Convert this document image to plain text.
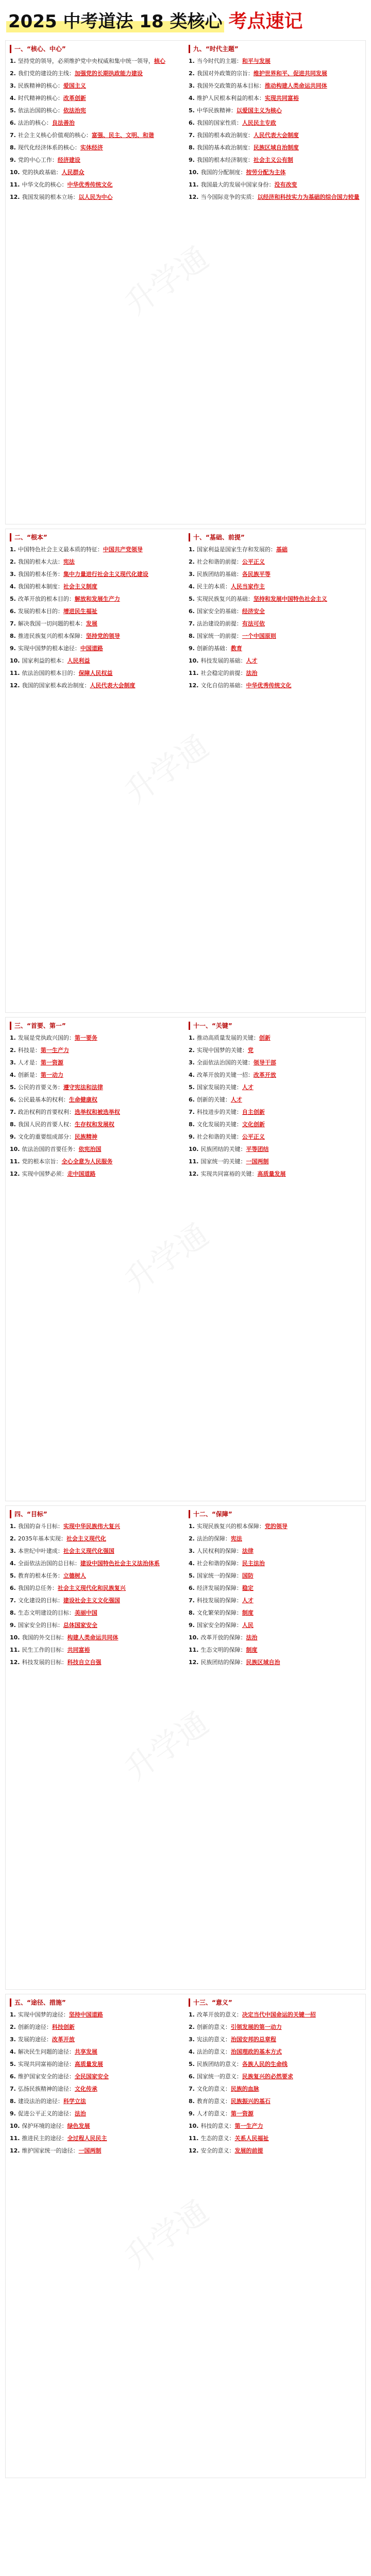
2025 中考道法 18 类核心 考点速记
一、“核心、中心”
1. 坚持党的领导，必须维护党中央权威和集中统一领导，核心
2. 我们党的建设的主线：加强党的长期执政能力建设
3. 民族精神的核心：爱国主义
4. 时代精神的核心：改革创新
5. 依法治国的核心：依法治宪
6. 法治的核心：良法善治
7. 社会主义核心价值观的核心：富强、民主、文明、和谐
8. 现代化经济体系的核心：实体经济
9. 党的中心工作：经济建设
10. 党的执政基础：人民群众
11. 中华文化的核心：中华优秀传统文化
12. 我国发展的根本立场：以人民为中心
九、“时代主题”
1. 当今时代的主题：和平与发展
2. 我国对外政策的宗旨：维护世界和平、促进共同发展
3. 我国外交政策的基本目标：推动构建人类命运共同体
4. 维护人民根本利益的根本：实现共同富裕
5. 中华民族精神：以爱国主义为核心
6. 我国的国家性质：人民民主专政
7. 我国的根本政治制度：人民代表大会制度
8. 我国的基本政治制度：民族区域自治制度
9. 我国的根本经济制度：社会主义公有制
10. 我国的分配制度：按劳分配为主体
11. 我国最大的发展中国家身份：没有改变
12. 当今国际竞争的实质：以经济和科技实力为基础的综合国力较量
升学通
二、“根本”
1. 中国特色社会主义最本质的特征：中国共产党领导
2. 我国的根本大法：宪法
3. 我国的根本任务：集中力量进行社会主义现代化建设
4. 我国的根本制度：社会主义制度
5. 改革开放的根本目的：解放和发展生产力
6. 发展的根本目的：增进民生福祉
7. 解决我国一切问题的根本：发展
8. 推进民族复兴的根本保障：坚持党的领导
9. 实现中国梦的根本途径：中国道路
10. 国家利益的根本：人民利益
11. 依法治国的根本目的：保障人民权益
12. 我国的国家根本政治制度：人民代表大会制度
十、“基础、前提”
1. 国家利益是国家生存和发展的：基础
2. 社会和谐的前提：公平正义
3. 民族团结的基础：各民族平等
4. 民主的本质：人民当家作主
5. 实现民族复兴的基础：坚持和发展中国特色社会主义
6. 国家安全的基础：经济安全
7. 法治建设的前提：有法可依
8. 国家统一的前提：一个中国原则
9. 创新的基础：教育
10. 科技发展的基础：人才
11. 社会稳定的前提：法治
12. 文化自信的基础：中华优秀传统文化
升学通
三、“首要、第一”
1. 发展是党执政兴国的：第一要务
2. 科技是：第一生产力
3. 人才是：第一资源
4. 创新是：第一动力
5. 公民的首要义务：遵守宪法和法律
6. 公民最基本的权利：生命健康权
7. 政治权利的首要权利：选举权和被选举权
8. 我国人民的首要人权：生存权和发展权
9. 文化的重要组成部分：民族精神
10. 依法治国的首要任务：依宪治国
11. 党的根本宗旨：全心全意为人民服务
12. 实现中国梦必须：走中国道路
十一、“关键”
1. 推动高质量发展的关键：创新
2. 实现中国梦的关键：党
3. 全面依法治国的关键：领导干部
4. 改革开放的关键一招：改革开放
5. 国家发展的关键：人才
6. 创新的关键：人才
7. 科技进步的关键：自主创新
8. 文化发展的关键：文化创新
9. 社会和谐的关键：公平正义
10. 民族团结的关键：平等团结
11. 国家统一的关键：一国两制
12. 实现共同富裕的关键：高质量发展
升学通
四、“目标”
1. 我国的奋斗目标：实现中华民族伟大复兴
2. 2035年基本实现：社会主义现代化
3. 本世纪中叶建成：社会主义现代化强国
4. 全面依法治国的总目标：建设中国特色社会主义法治体系
5. 教育的根本任务：立德树人
6. 我国的总任务：社会主义现代化和民族复兴
7. 文化建设的目标：建设社会主义文化强国
8. 生态文明建设的目标：美丽中国
9. 国家安全的目标：总体国家安全
10. 我国的外交目标：构建人类命运共同体
11. 民生工作的目标：共同富裕
12. 科技发展的目标：科技自立自强
十二、“保障”
1. 实现民族复兴的根本保障：党的领导
2. 法治的保障：宪法
3. 人民权利的保障：法律
4. 社会和谐的保障：民主法治
5. 国家统一的保障：国防
6. 经济发展的保障：稳定
7. 科技发展的保障：人才
8. 文化繁荣的保障：制度
9. 国家安全的保障：人民
10. 改革开放的保障：法治
11. 生态文明的保障：制度
12. 民族团结的保障：民族区域自治
升学通
五、“途径、措施”
1. 实现中国梦的途径：坚持中国道路
2. 创新的途径：科技创新
3. 发展的途径：改革开放
4. 解决民生问题的途径：共享发展
5. 实现共同富裕的途径：高质量发展
6. 维护国家安全的途径：全民国家安全
7. 弘扬民族精神的途径：文化传承
8. 建设法治的途径：科学立法
9. 促进公平正义的途径：法治
10. 保护环境的途径：绿色发展
11. 推进民主的途径：全过程人民民主
12. 维护国家统一的途径：一国两制
十三、“意义”
1. 改革开放的意义：决定当代中国命运的关键一招
2. 创新的意义：引领发展的第一动力
3. 宪法的意义：治国安邦的总章程
4. 法治的意义：治国理政的基本方式
5. 民族团结的意义：各族人民的生命线
6. 国家统一的意义：民族复兴的必然要求
7. 文化的意义：民族的血脉
8. 教育的意义：民族振兴的基石
9. 人才的意义：第一资源
10. 科技的意义：第一生产力
11. 生态的意义：关系人民福祉
12. 安全的意义：发展的前提
升学通
